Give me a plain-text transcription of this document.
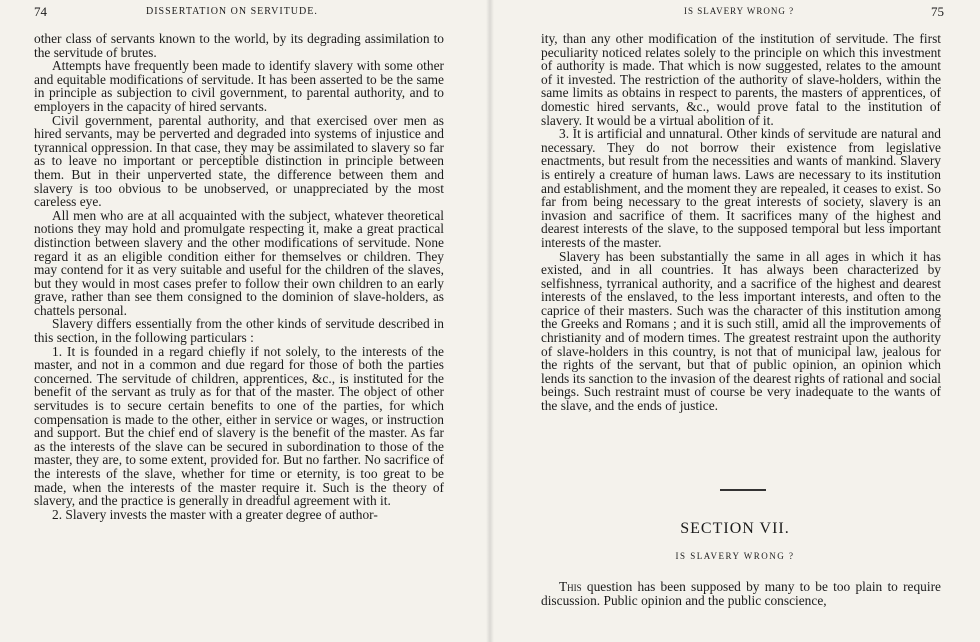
74	DISSERTATION ON SERVITUDE.

other class of servants known to the world, by its degrading assimilation to the servitude of brutes.

Attempts have frequently been made to identify slavery with some other and equitable modifications of servitude. It has been asserted to be the same in principle as subjection to civil government, to parental authority, and to employers in the capacity of hired servants.

Civil government, parental authority, and that exercised over men as hired servants, may be perverted and degraded into systems of injustice and tyrannical oppression. In that case, they may be assimilated to slavery so far as to leave no important or perceptible distinction in principle between them. But in their unperverted state, the difference between them and slavery is too obvious to be unobserved, or unappreciated by the most careless eye.

All men who are at all acquainted with the subject, whatever theoretical notions they may hold and promulgate respecting it, make a great practical distinction between slavery and the other modifications of servitude. None regard it as an eligible condition either for themselves or children. They may contend for it as very suitable and useful for the children of the slaves, but they would in most cases prefer to follow their own children to an early grave, rather than see them consigned to the dominion of slave-holders, as chattels personal.

Slavery differs essentially from the other kinds of servitude described in this section, in the following particulars :

1. It is founded in a regard chiefly if not solely, to the interests of the master, and not in a common and due regard for those of both the parties concerned. The servitude of children, apprentices, &c., is instituted for the benefit of the servant as truly as for that of the master. The object of other servitudes is to secure certain benefits to one of the parties, for which compensation is made to the other, either in service or wages, or instruction and support. But the chief end of slavery is the benefit of the master. As far as the interests of the slave can be secured in subordination to those of the master, they are, to some extent, provided for. But no farther. No sacrifice of the interests of the slave, whether for time or eternity, is too great to be made, when the interests of the master require it. Such is the theory of slavery, and the practice is generally in dreadful agreement with it.

2. Slavery invests the master with a greater degree of author-

IS SLAVERY WRONG ?	75

ity, than any other modification of the institution of servitude. The first peculiarity noticed relates solely to the principle on which this investment of authority is made. That which is now suggested, relates to the amount of it invested. The restriction of the authority of slave-holders, within the same limits as obtains in respect to parents, the masters of apprentices, of domestic hired servants, &c., would prove fatal to the institution of slavery. It would be a virtual abolition of it.

3. It is artificial and unnatural. Other kinds of servitude are natural and necessary. They do not borrow their existence from legislative enactments, but result from the necessities and wants of mankind. Slavery is entirely a creature of human laws. Laws are necessary to its institution and establishment, and the moment they are repealed, it ceases to exist. So far from being necessary to the great interests of society, slavery is an invasion and sacrifice of them. It sacrifices many of the highest and dearest interests of the slave, to the supposed temporal but less important interests of the master.

Slavery has been substantially the same in all ages in which it has existed, and in all countries. It has always been characterized by selfishness, tyrranical authority, and a sacrifice of the highest and dearest interests of the enslaved, to the less important interests, and often to the caprice of their masters. Such was the character of this institution among the Greeks and Romans ; and it is such still, amid all the improvements of christianity and of modern times. The greatest restraint upon the authority of slave-holders in this country, is not that of municipal law, jealous for the rights of the servant, but that of public opinion, an opinion which lends its sanction to the invasion of the dearest rights of rational and social beings. Such restraint must of course be very inadequate to the wants of the slave, and the ends of justice.

SECTION VII.
IS SLAVERY WRONG ?

This question has been supposed by many to be too plain to require discussion. Public opinion and the public conscience,
